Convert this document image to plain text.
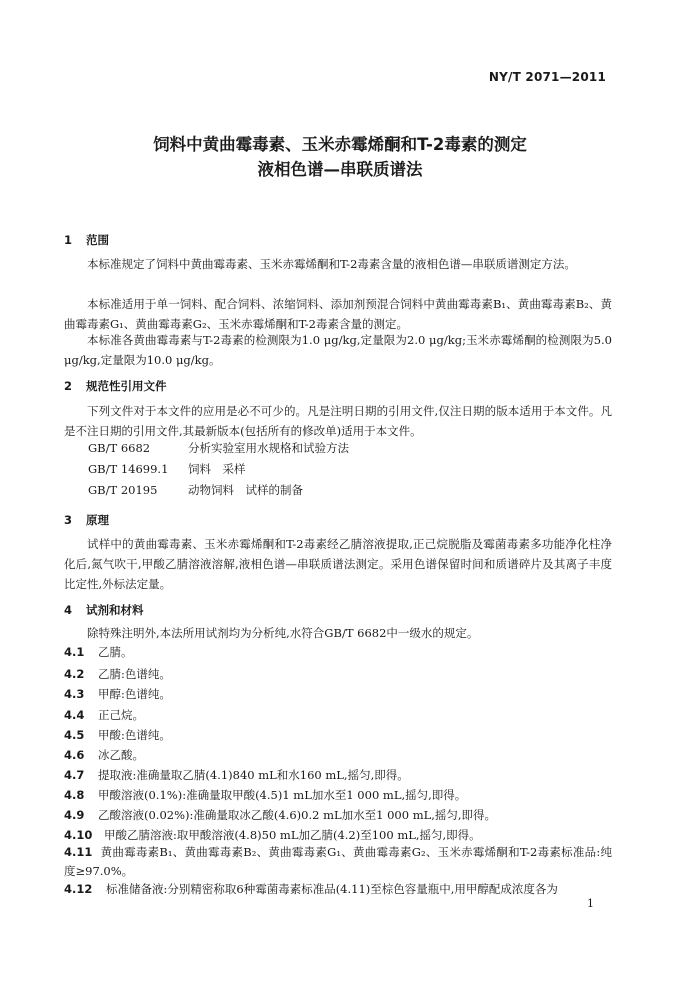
NY/T 2071—2011
饲料中黄曲霉毒素、玉米赤霉烯酮和T-2毒素的测定
液相色谱—串联质谱法
1 范围
本标准规定了饲料中黄曲霉毒素、玉米赤霉烯酮和T-2毒素含量的液相色谱—串联质谱测定方法。
本标准适用于单一饲料、配合饲料、浓缩饲料、添加剂预混合饲料中黄曲霉毒素B₁、黄曲霉毒素B₂、黄曲霉毒素G₁、黄曲霉毒素G₂、玉米赤霉烯酮和T-2毒素含量的测定。
本标准各黄曲霉毒素与T-2毒素的检测限为1.0 μg/kg,定量限为2.0 μg/kg;玉米赤霉烯酮的检测限为5.0 μg/kg,定量限为10.0 μg/kg。
2 规范性引用文件
下列文件对于本文件的应用是必不可少的。凡是注明日期的引用文件,仅注日期的版本适用于本文件。凡是不注日期的引用文件,其最新版本(包括所有的修改单)适用于本文件。
GB/T 6682	分析实验室用水规格和试验方法
GB/T 14699.1 饲料　采样
GB/T 20195	动物饲料　试样的制备
3 原理
试样中的黄曲霉毒素、玉米赤霉烯酮和T-2毒素经乙腈溶液提取,正己烷脱脂及霉菌毒素多功能净化柱净化后,氮气吹干,甲酸乙腈溶液溶解,液相色谱—串联质谱法测定。采用色谱保留时间和质谱碎片及其离子丰度比定性,外标法定量。
4 试剂和材料
除特殊注明外,本法所用试剂均为分析纯,水符合GB/T 6682中一级水的规定。
4.1 乙腈。
4.2 乙腈:色谱纯。
4.3 甲醇:色谱纯。
4.4 正己烷。
4.5 甲酸:色谱纯。
4.6 冰乙酸。
4.7 提取液:准确量取乙腈(4.1)840 mL和水160 mL,摇匀,即得。
4.8 甲酸溶液(0.1%):准确量取甲酸(4.5)1 mL加水至1 000 mL,摇匀,即得。
4.9 乙酸溶液(0.02%):准确量取冰乙酸(4.6)0.2 mL加水至1 000 mL,摇匀,即得。
4.10 甲酸乙腈溶液:取甲酸溶液(4.8)50 mL加乙腈(4.2)至100 mL,摇匀,即得。
4.11 黄曲霉毒素B₁、黄曲霉毒素B₂、黄曲霉毒素G₁、黄曲霉毒素G₂、玉米赤霉烯酮和T-2毒素标准品:纯度≥97.0%。
4.12 标准储备液:分别精密称取6种霉菌毒素标准品(4.11)至棕色容量瓶中,用甲醇配成浓度各为
1
